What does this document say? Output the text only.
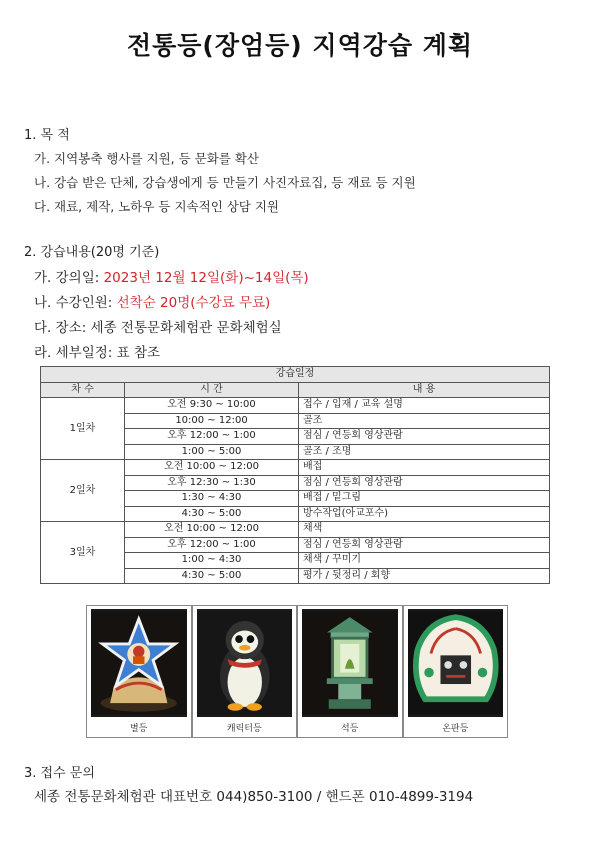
전통등(장엄등) 지역강습 계획
1. 목 적
가. 지역봉축 행사를 지원, 등 문화를 확산
나. 강습 받은 단체, 강습생에게 등 만들기 사진자료집, 등 재료 등 지원
다. 재료, 제작, 노하우 등 지속적인 상담 지원
2. 강습내용(20명 기준)
가. 강의일: 2023년 12월 12일(화)~14일(목)
나. 수강인원: 선착순 20명(수강료 무료)
다. 장소: 세종 전통문화체험관 문화체험실
라. 세부일정: 표 참조
강습일정		
차 수	시 간	내 용
1일차	오전 9:30 ~ 10:00	접수 / 입재 / 교육 설명
	10:00 ~ 12:00	골조
	오후 12:00 ~ 1:00	점심 / 연등회 영상관람
	1:00 ~ 5:00	골조 / 조명
2일차	오전 10:00 ~ 12:00	배접
	오후 12:30 ~ 1:30	점심 / 연등회 영상관람
	1:30 ~ 4:30	배접 / 밑그림
	4:30 ~ 5:00	방수작업(아교포수)
3일차	오전 10:00 ~ 12:00	채색
	오후 12:00 ~ 1:00	점심 / 연등회 영상관람
	1:00 ~ 4:30	채색 / 꾸미기
	4:30 ~ 5:00	평가 / 뒷정리 / 회향
별등	캐릭터등	석등	온판등
3. 접수 문의
세종 전통문화체험관 대표번호 044)850-3100 / 핸드폰 010-4899-3194
